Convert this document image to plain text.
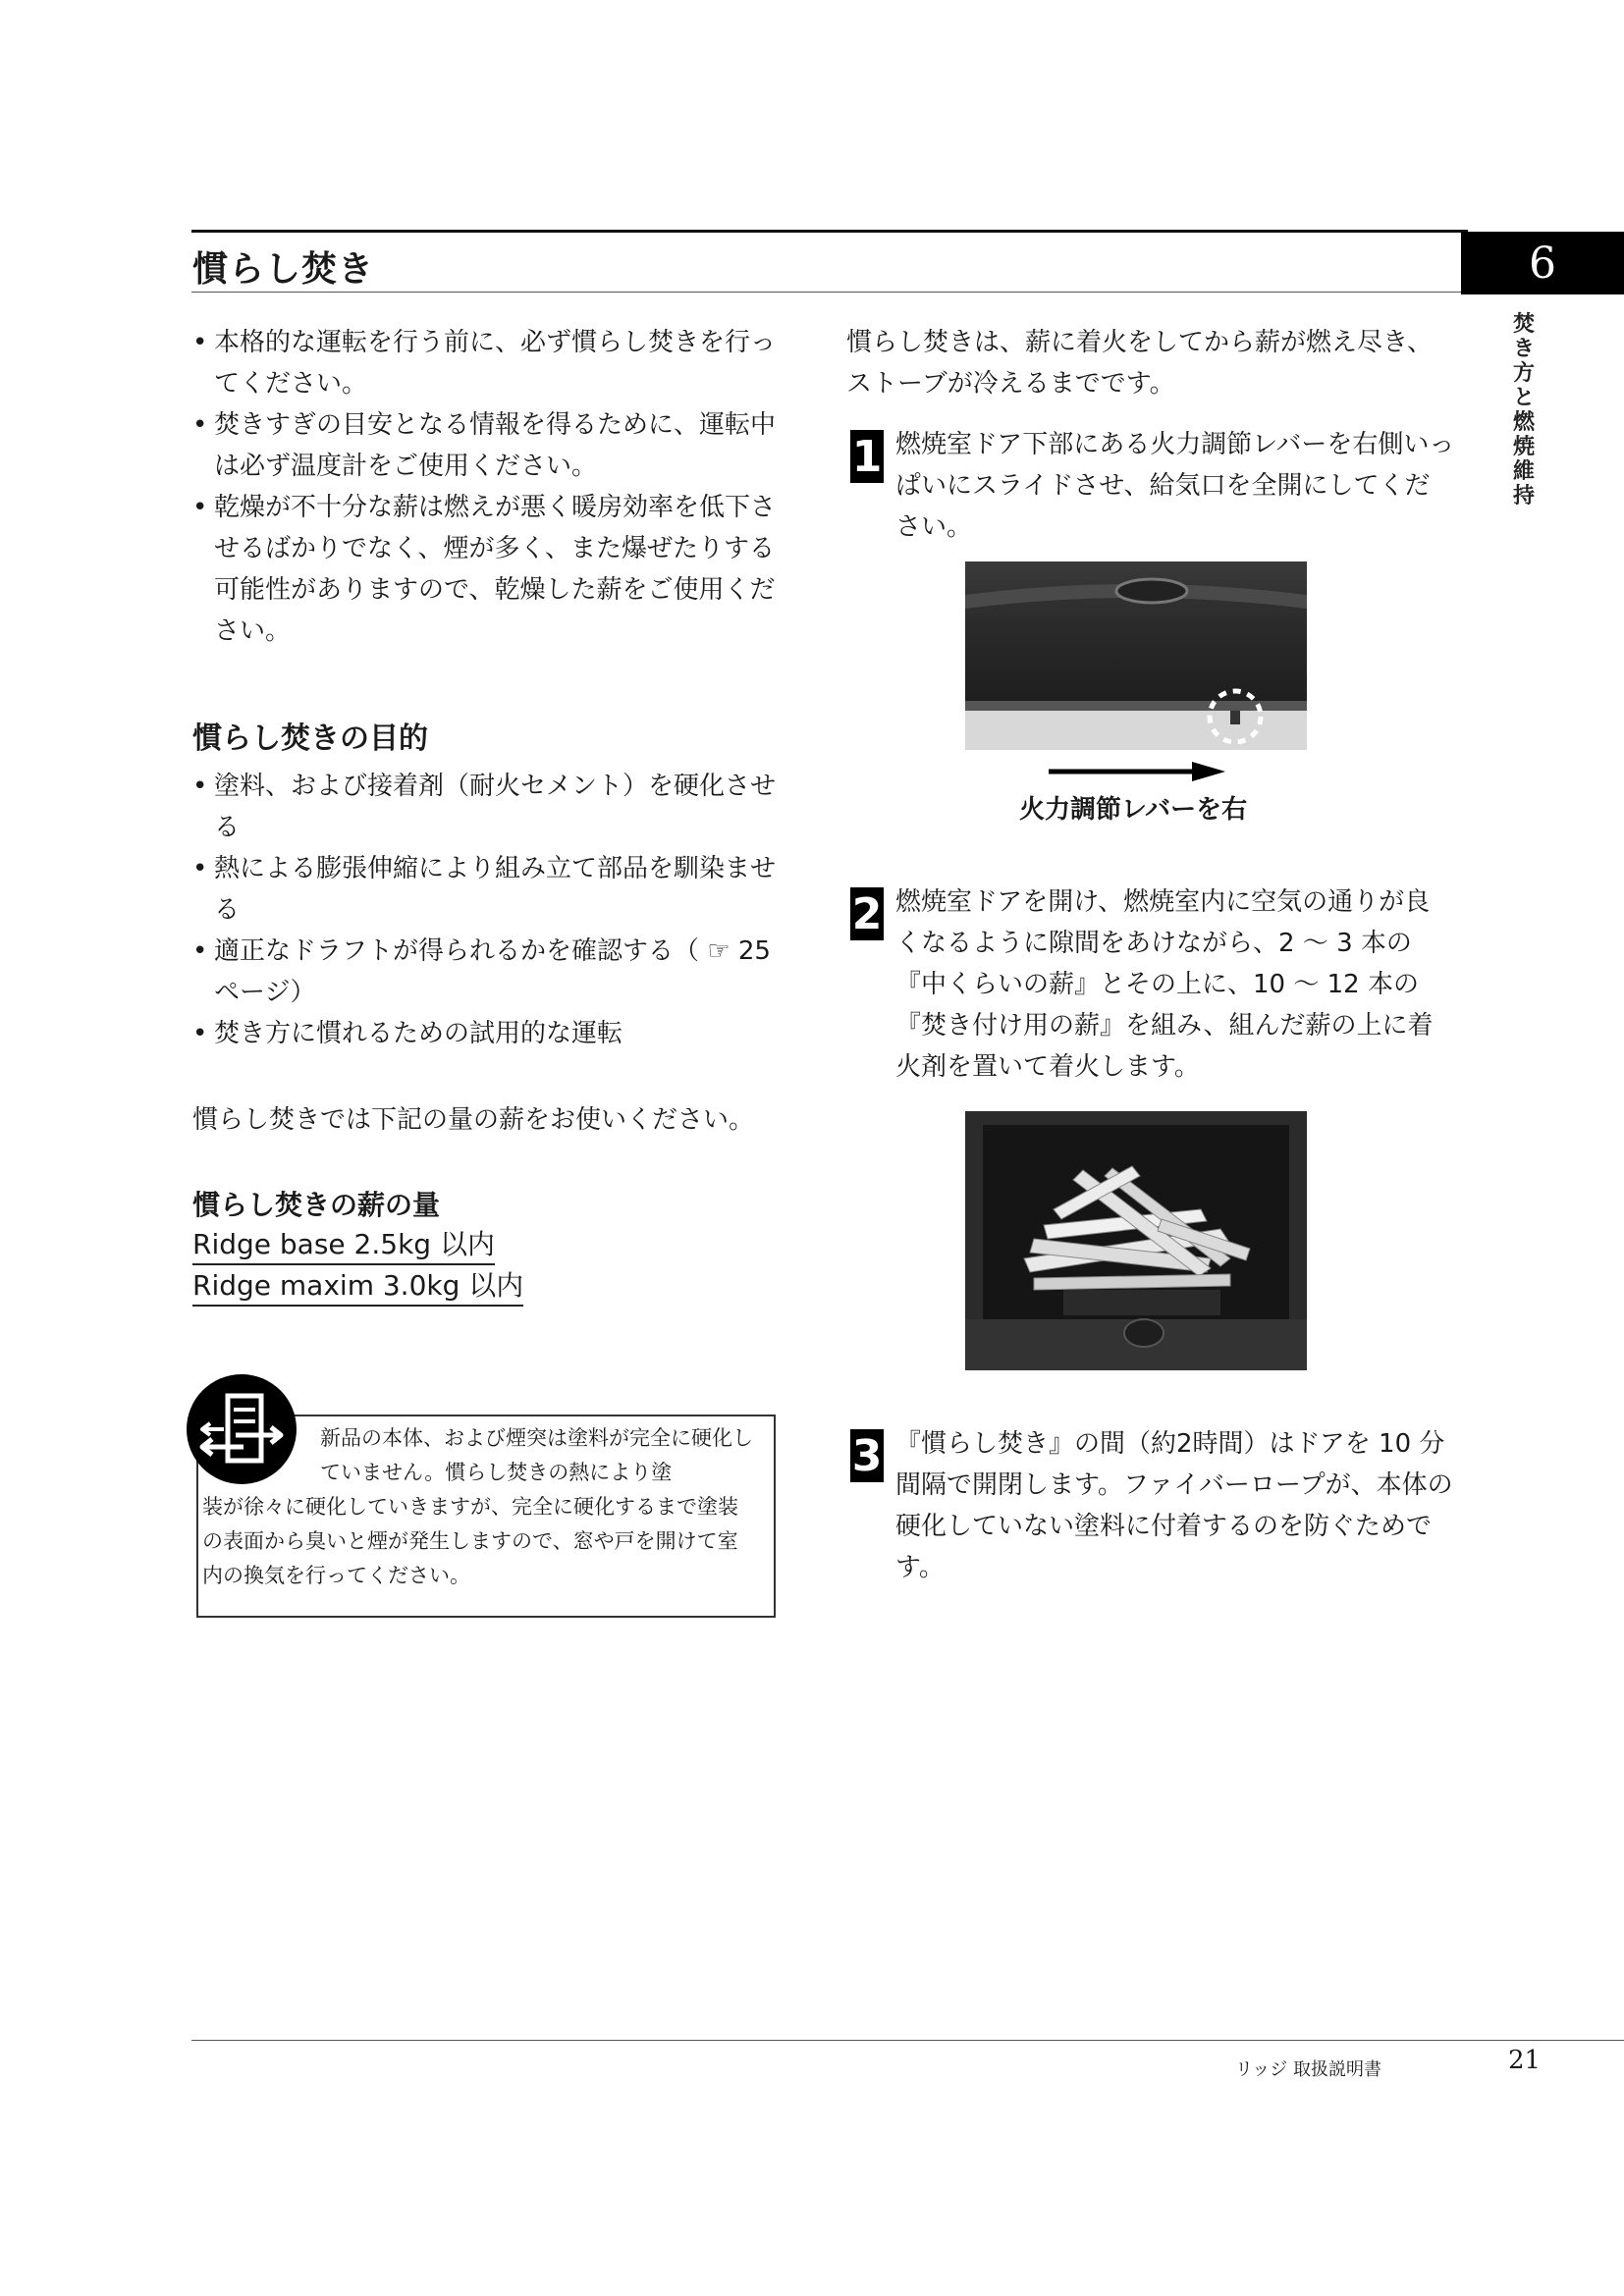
慣らし焚き	6
焚
き
方
と
燃
焼
維
持
• 本格的な運転を行う前に、必ず慣らし焚きを行ってください。
• 焚きすぎの目安となる情報を得るために、運転中は必ず温度計をご使用ください。
• 乾燥が不十分な薪は燃えが悪く暖房効率を低下させるばかりでなく、煙が多く、また爆ぜたりする可能性がありますので、乾燥した薪をご使用ください。
慣らし焚きの目的
• 塗料、および接着剤（耐火セメント）を硬化させる
• 熱による膨張伸縮により組み立て部品を馴染ませる
• 適正なドラフトが得られるかを確認する（ ☞ 25 ページ）
• 焚き方に慣れるための試用的な運転
慣らし焚きでは下記の量の薪をお使いください。
慣らし焚きの薪の量
Ridge base 2.5kg 以内
Ridge maxim 3.0kg 以内
新品の本体、および煙突は塗料が完全に硬化していません。慣らし焚きの熱により塗
装が徐々に硬化していきますが、完全に硬化するまで塗装の表面から臭いと煙が発生しますので、窓や戸を開けて室内の換気を行ってください。
慣らし焚きは、薪に着火をしてから薪が燃え尽き、ストーブが冷えるまでです。
1 燃焼室ドア下部にある火力調節レバーを右側いっぱいにスライドさせ、給気口を全開にしてください。
火力調節レバーを右
2 燃焼室ドアを開け、燃焼室内に空気の通りが良くなるように隙間をあけながら、2 〜 3 本の『中くらいの薪』とその上に、10 〜 12 本の『焚き付け用の薪』を組み、組んだ薪の上に着火剤を置いて着火します。
3 『慣らし焚き』の間（約2時間）はドアを 10 分間隔で開閉します。ファイバーロープが、本体の硬化していない塗料に付着するのを防ぐためです。
リッジ 取扱説明書	21
